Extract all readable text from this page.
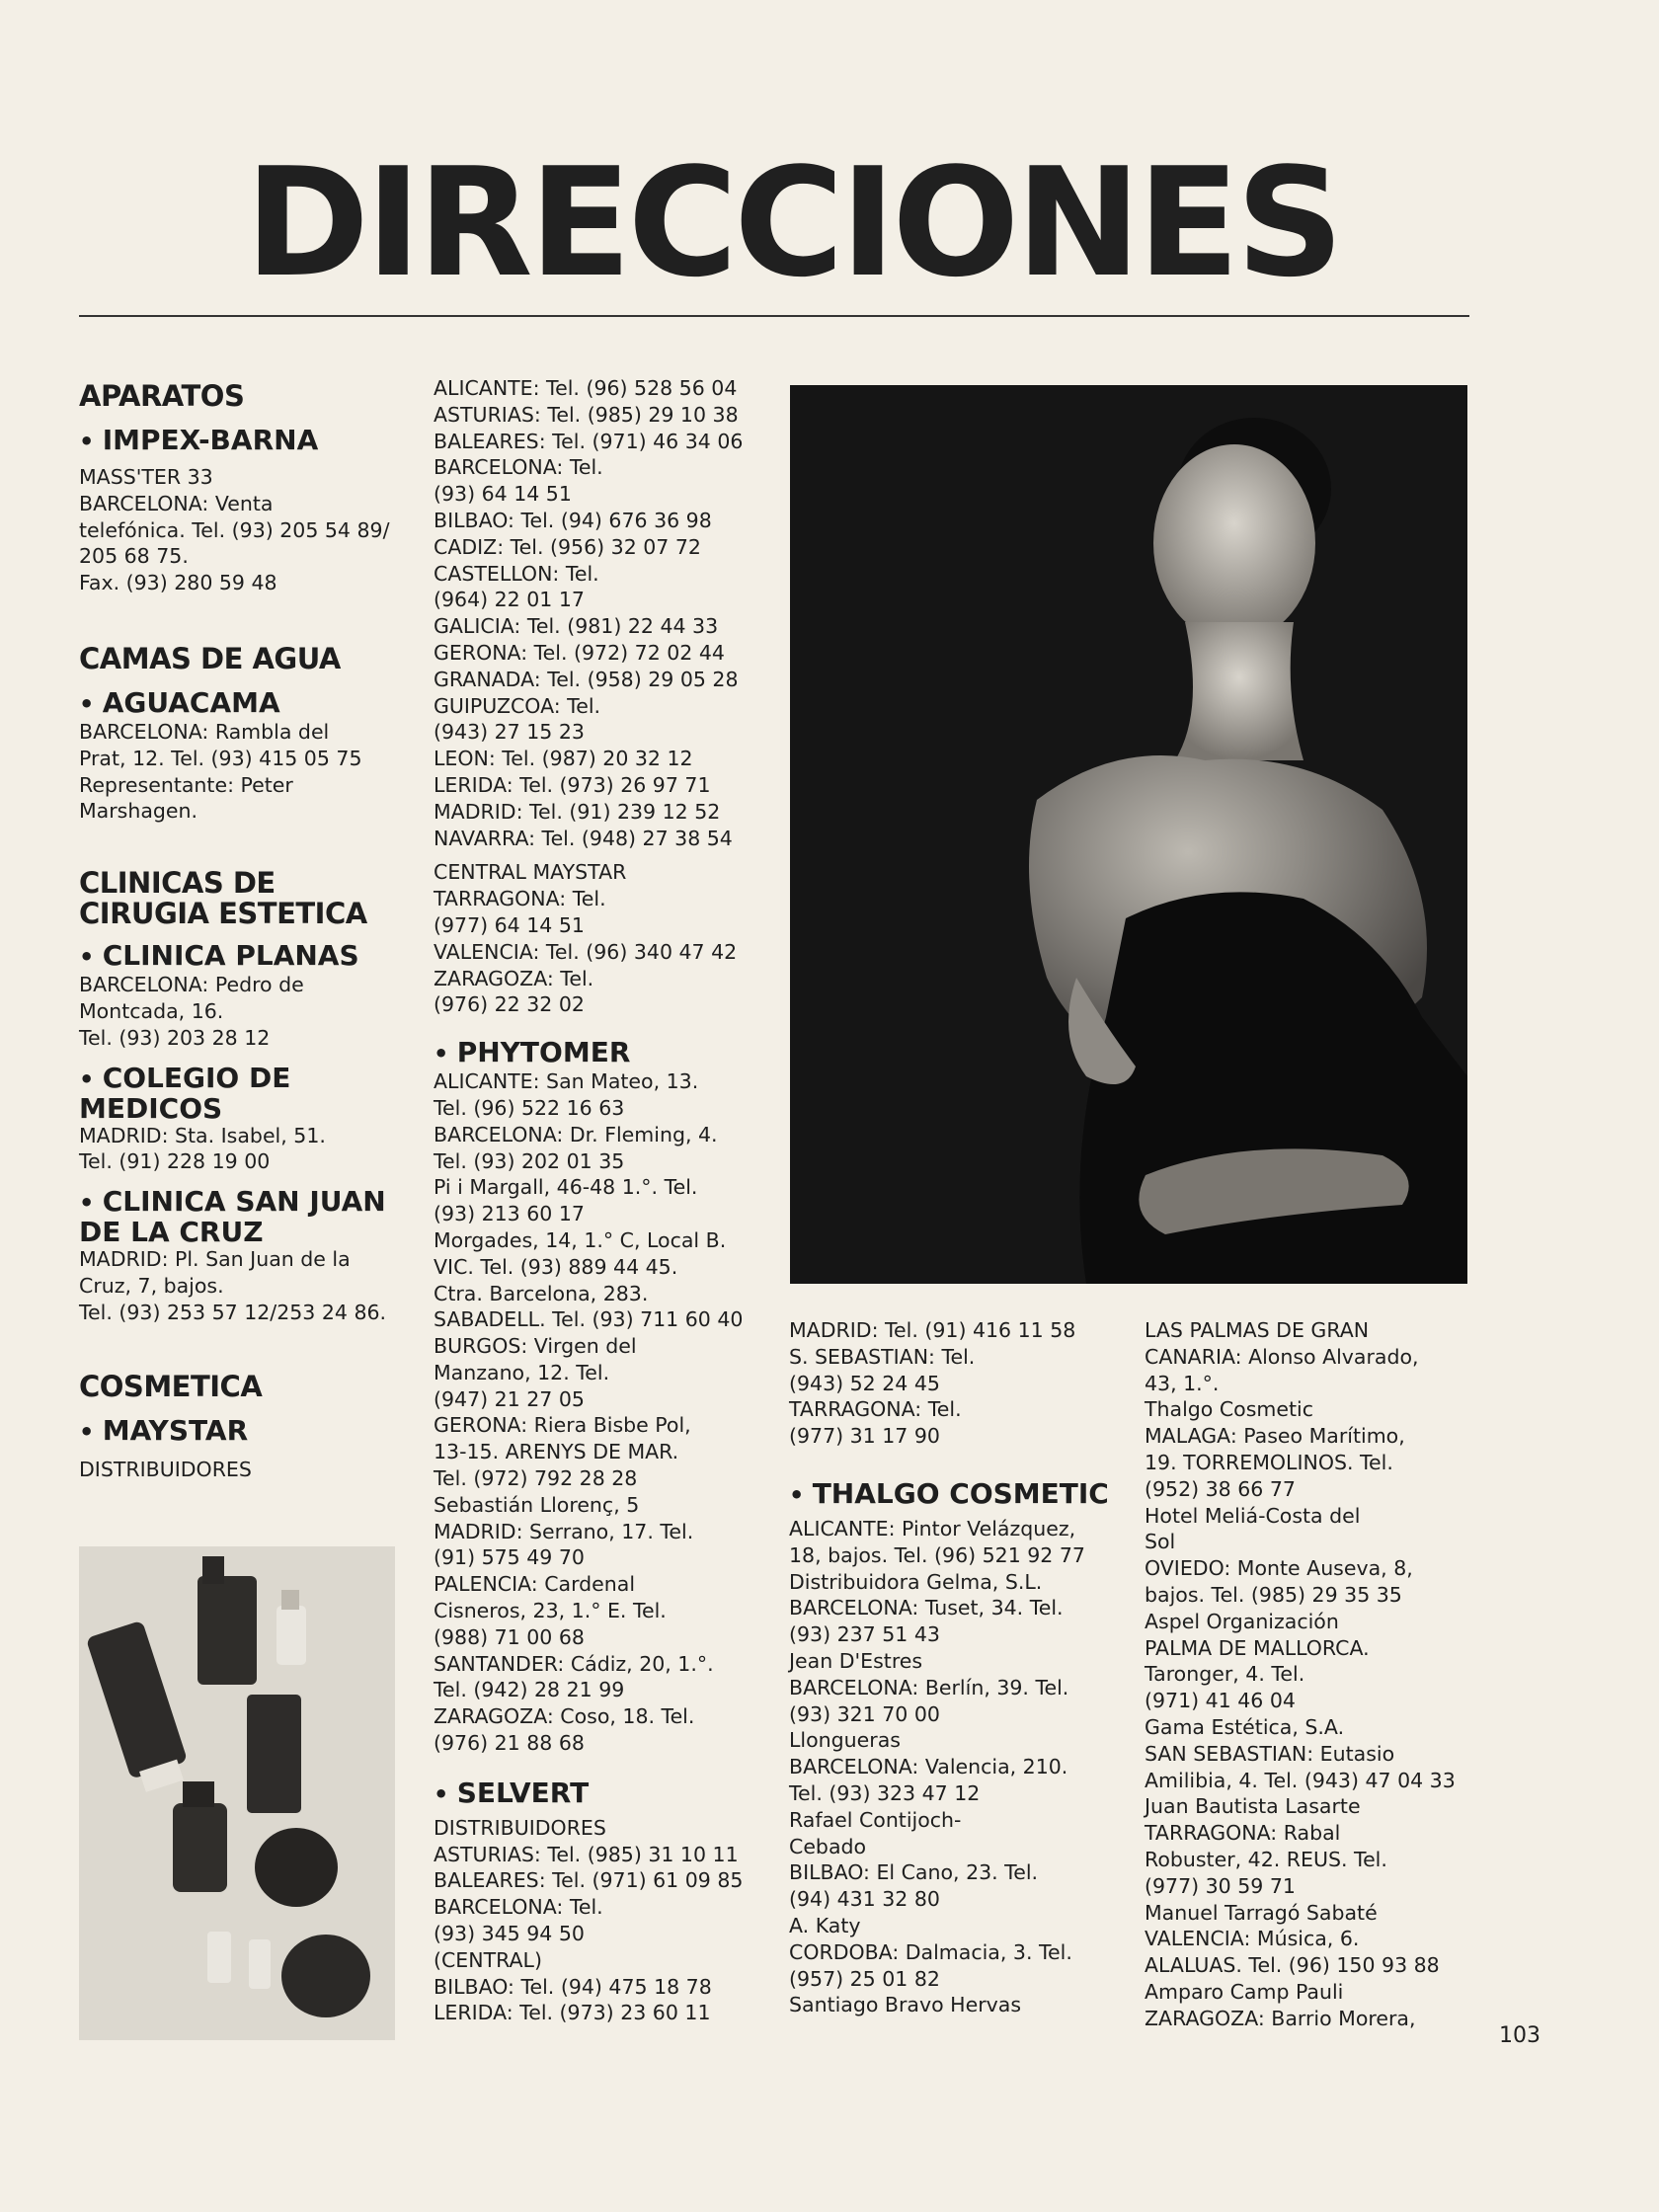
DIRECCIONES
APARATOS
• IMPEX-BARNA
MASS'TER 33
BARCELONA: Venta
telefónica. Tel. (93) 205 54 89/
205 68 75.
Fax. (93) 280 59 48
CAMAS DE AGUA
• AGUACAMA
BARCELONA: Rambla del
Prat, 12. Tel. (93) 415 05 75
Representante: Peter
Marshagen.
CLINICAS DE
CIRUGIA ESTETICA
• CLINICA PLANAS
BARCELONA: Pedro de
Montcada, 16.
Tel. (93) 203 28 12
• COLEGIO DE
MEDICOS
MADRID: Sta. Isabel, 51.
Tel. (91) 228 19 00
• CLINICA SAN JUAN
DE LA CRUZ
MADRID: Pl. San Juan de la
Cruz, 7, bajos.
Tel. (93) 253 57 12/253 24 86.
COSMETICA
• MAYSTAR
DISTRIBUIDORES
ALICANTE: Tel. (96) 528 56 04
ASTURIAS: Tel. (985) 29 10 38
BALEARES: Tel. (971) 46 34 06
BARCELONA: Tel.
(93) 64 14 51
BILBAO: Tel. (94) 676 36 98
CADIZ: Tel. (956) 32 07 72
CASTELLON: Tel.
(964) 22 01 17
GALICIA: Tel. (981) 22 44 33
GERONA: Tel. (972) 72 02 44
GRANADA: Tel. (958) 29 05 28
GUIPUZCOA: Tel.
(943) 27 15 23
LEON: Tel. (987) 20 32 12
LERIDA: Tel. (973) 26 97 71
MADRID: Tel. (91) 239 12 52
NAVARRA: Tel. (948) 27 38 54
CENTRAL MAYSTAR
TARRAGONA: Tel.
(977) 64 14 51
VALENCIA: Tel. (96) 340 47 42
ZARAGOZA: Tel.
(976) 22 32 02
• PHYTOMER
ALICANTE: San Mateo, 13.
Tel. (96) 522 16 63
BARCELONA: Dr. Fleming, 4.
Tel. (93) 202 01 35
Pi i Margall, 46-48 1.°. Tel.
(93) 213 60 17
Morgades, 14, 1.° C, Local B.
VIC. Tel. (93) 889 44 45.
Ctra. Barcelona, 283.
SABADELL. Tel. (93) 711 60 40
BURGOS: Virgen del
Manzano, 12. Tel.
(947) 21 27 05
GERONA: Riera Bisbe Pol,
13-15. ARENYS DE MAR.
Tel. (972) 792 28 28
Sebastián Llorenç, 5
MADRID: Serrano, 17. Tel.
(91) 575 49 70
PALENCIA: Cardenal
Cisneros, 23, 1.° E. Tel.
(988) 71 00 68
SANTANDER: Cádiz, 20, 1.°.
Tel. (942) 28 21 99
ZARAGOZA: Coso, 18. Tel.
(976) 21 88 68
• SELVERT
DISTRIBUIDORES
ASTURIAS: Tel. (985) 31 10 11
BALEARES: Tel. (971) 61 09 85
BARCELONA: Tel.
(93) 345 94 50
(CENTRAL)
BILBAO: Tel. (94) 475 18 78
LERIDA: Tel. (973) 23 60 11
MADRID: Tel. (91) 416 11 58
S. SEBASTIAN: Tel.
(943) 52 24 45
TARRAGONA: Tel.
(977) 31 17 90
• THALGO COSMETIC
ALICANTE: Pintor Velázquez,
18, bajos. Tel. (96) 521 92 77
Distribuidora Gelma, S.L.
BARCELONA: Tuset, 34. Tel.
(93) 237 51 43
Jean D'Estres
BARCELONA: Berlín, 39. Tel.
(93) 321 70 00
Llongueras
BARCELONA: Valencia, 210.
Tel. (93) 323 47 12
Rafael Contijoch-
Cebado
BILBAO: El Cano, 23. Tel.
(94) 431 32 80
A. Katy
CORDOBA: Dalmacia, 3. Tel.
(957) 25 01 82
Santiago Bravo Hervas
LAS PALMAS DE GRAN
CANARIA: Alonso Alvarado,
43, 1.°.
Thalgo Cosmetic
MALAGA: Paseo Marítimo,
19. TORREMOLINOS. Tel.
(952) 38 66 77
Hotel Meliá-Costa del
Sol
OVIEDO: Monte Auseva, 8,
bajos. Tel. (985) 29 35 35
Aspel Organización
PALMA DE MALLORCA.
Taronger, 4. Tel.
(971) 41 46 04
Gama Estética, S.A.
SAN SEBASTIAN: Eutasio
Amilibia, 4. Tel. (943) 47 04 33
Juan Bautista Lasarte
TARRAGONA: Rabal
Robuster, 42. REUS. Tel.
(977) 30 59 71
Manuel Tarragó Sabaté
VALENCIA: Música, 6.
ALALUAS. Tel. (96) 150 93 88
Amparo Camp Pauli
ZARAGOZA: Barrio Morera,
103
